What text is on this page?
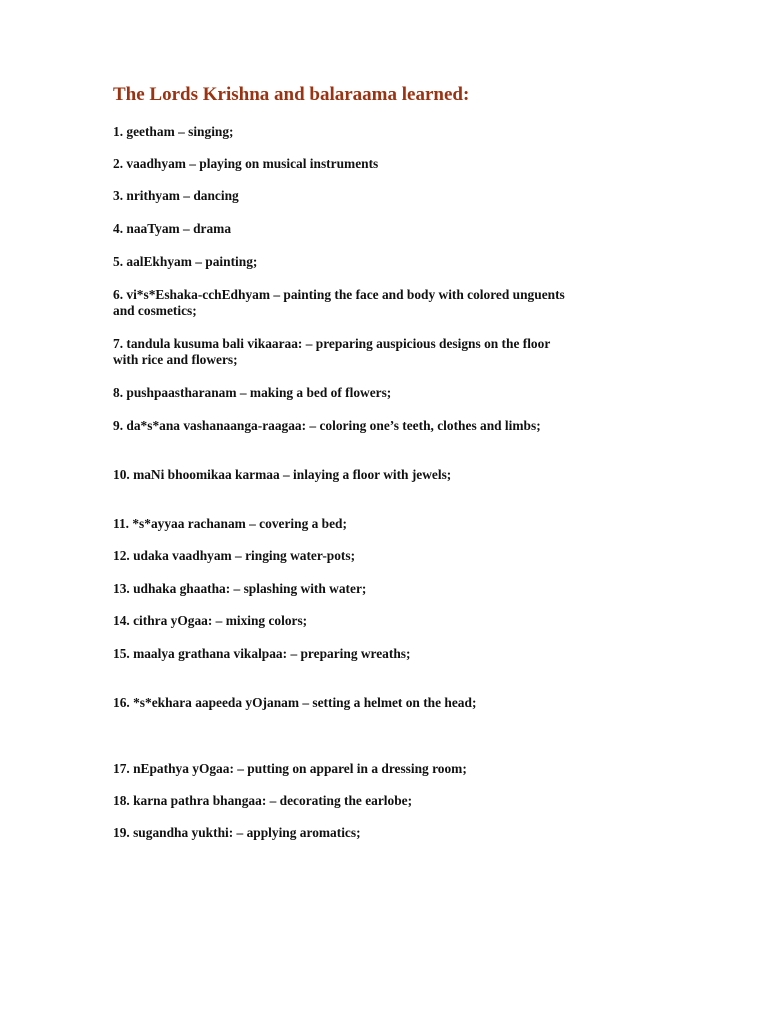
The Lords Krishna and balaraama learned:

1. geetham – singing;

2. vaadhyam – playing on musical instruments

3. nrithyam – dancing

4. naaTyam – drama

5. aalEkhyam – painting;

6. vi*s*Eshaka-cchEdhyam – painting the face and body with colored unguents and cosmetics;

7. tandula kusuma bali vikaaraa: – preparing auspicious designs on the floor with rice and flowers;

8. pushpaastharanam – making a bed of flowers;

9. da*s*ana vashanaanga-raagaa: – coloring one’s teeth, clothes and limbs;

10. maNi bhoomikaa karmaa – inlaying a floor with jewels;

11. *s*ayyaa rachanam – covering a bed;

12. udaka vaadhyam – ringing water-pots;

13. udhaka ghaatha: – splashing with water;

14. cithra yOgaa: – mixing colors;

15. maalya grathana vikalpaa: – preparing wreaths;

16. *s*ekhara aapeeda yOjanam – setting a helmet on the head;

17. nEpathya yOgaa: – putting on apparel in a dressing room;

18. karna pathra bhangaa: – decorating the earlobe;

19. sugandha yukthi: – applying aromatics;
